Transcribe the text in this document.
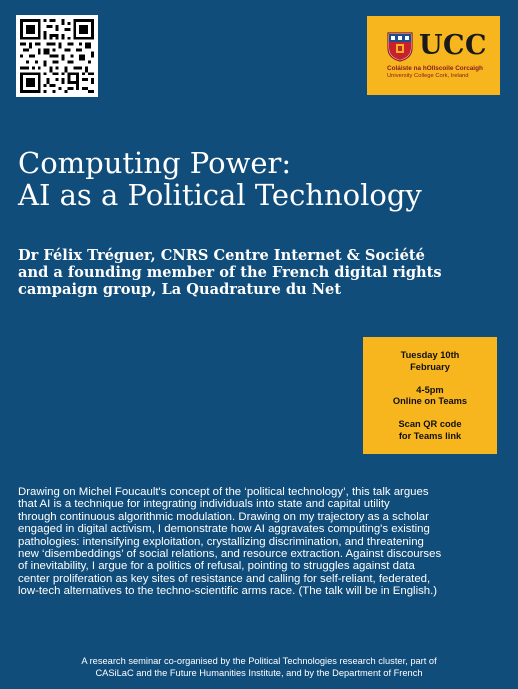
UCC
Coláiste na hOllscoile Corcaigh
University College Cork, Ireland
Computing Power:
AI as a Political Technology
Dr Félix Tréguer, CNRS Centre Internet & Société
and a founding member of the French digital rights
campaign group, La Quadrature du Net

Tuesday 10th
February

4-5pm
Online on Teams

Scan QR code
for Teams link

Drawing on Michel Foucault's concept of the ‘political technology’, this talk argues
that AI is a technique for integrating individuals into state and capital utility
through continuous algorithmic modulation. Drawing on my trajectory as a scholar
engaged in digital activism, I demonstrate how AI aggravates computing's existing
pathologies: intensifying exploitation, crystallizing discrimination, and threatening
new ‘disembeddings’ of social relations, and resource extraction. Against discourses
of inevitability, I argue for a politics of refusal, pointing to struggles against data
center proliferation as key sites of resistance and calling for self-reliant, federated,
low-tech alternatives to the techno-scientific arms race. (The talk will be in English.)
A research seminar co-organised by the Political Technologies research cluster, part of
CASiLaC and the Future Humanities Institute, and by the Department of French
